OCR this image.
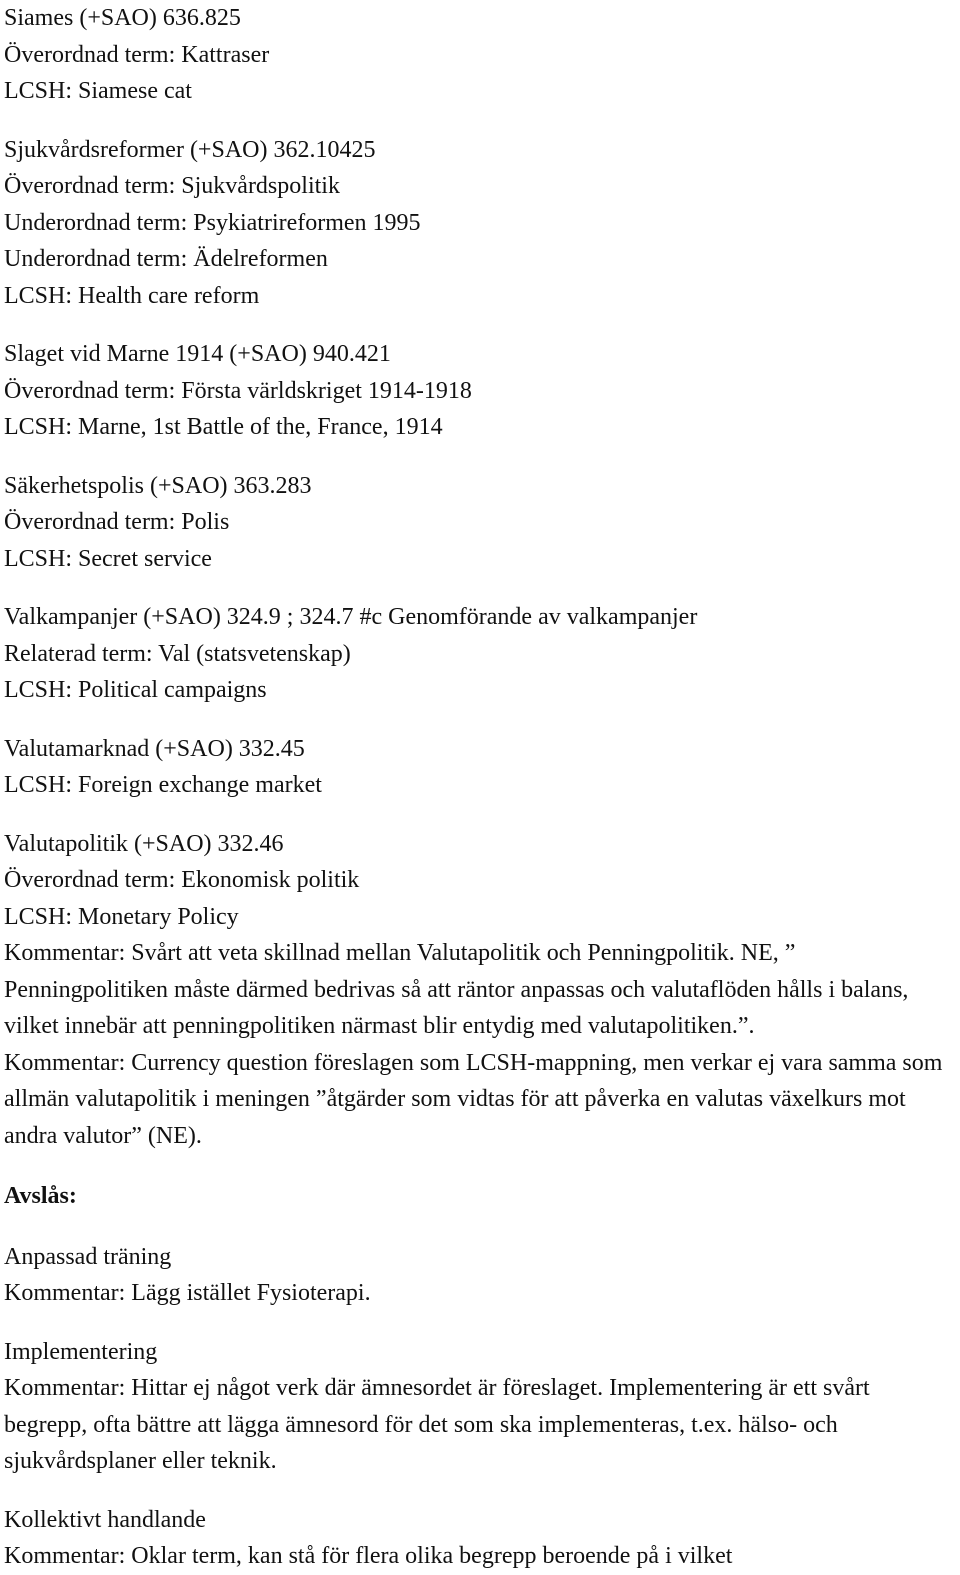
Siames (+SAO) 636.825
Överordnad term: Kattraser
LCSH: Siamese cat
Sjukvårdsreformer (+SAO) 362.10425
Överordnad term: Sjukvårdspolitik
Underordnad term: Psykiatrireformen 1995
Underordnad term: Ädelreformen
LCSH: Health care reform
Slaget vid Marne 1914 (+SAO) 940.421
Överordnad term: Första världskriget 1914-1918
LCSH: Marne, 1st Battle of the, France, 1914
Säkerhetspolis (+SAO) 363.283
Överordnad term: Polis
LCSH: Secret service
Valkampanjer (+SAO) 324.9 ; 324.7 #c Genomförande av valkampanjer
Relaterad term: Val (statsvetenskap)
LCSH: Political campaigns
Valutamarknad (+SAO) 332.45
LCSH: Foreign exchange market
Valutapolitik (+SAO) 332.46
Överordnad term: Ekonomisk politik
LCSH: Monetary Policy

Kommentar: Svårt att veta skillnad mellan Valutapolitik och Penningpolitik. NE, ” Penningpolitiken måste därmed bedrivas så att räntor anpassas och valutaflöden hålls i balans, vilket innebär att penningpolitiken närmast blir entydig med valutapolitiken.”.

Kommentar: Currency question föreslagen som LCSH-mappning, men verkar ej vara samma som allmän valutapolitik i meningen ”åtgärder som vidtas för att påverka en valutas växelkurs mot andra valutor” (NE).

Avslås:
Anpassad träning

Kommentar: Lägg istället Fysioterapi.

Implementering

Kommentar: Hittar ej något verk där ämnesordet är föreslaget. Implementering är ett svårt begrepp, ofta bättre att lägga ämnesord för det som ska implementeras, t.ex. hälso- och sjukvårdsplaner eller teknik.

Kollektivt handlande

Kommentar: Oklar term, kan stå för flera olika begrepp beroende på i vilket
